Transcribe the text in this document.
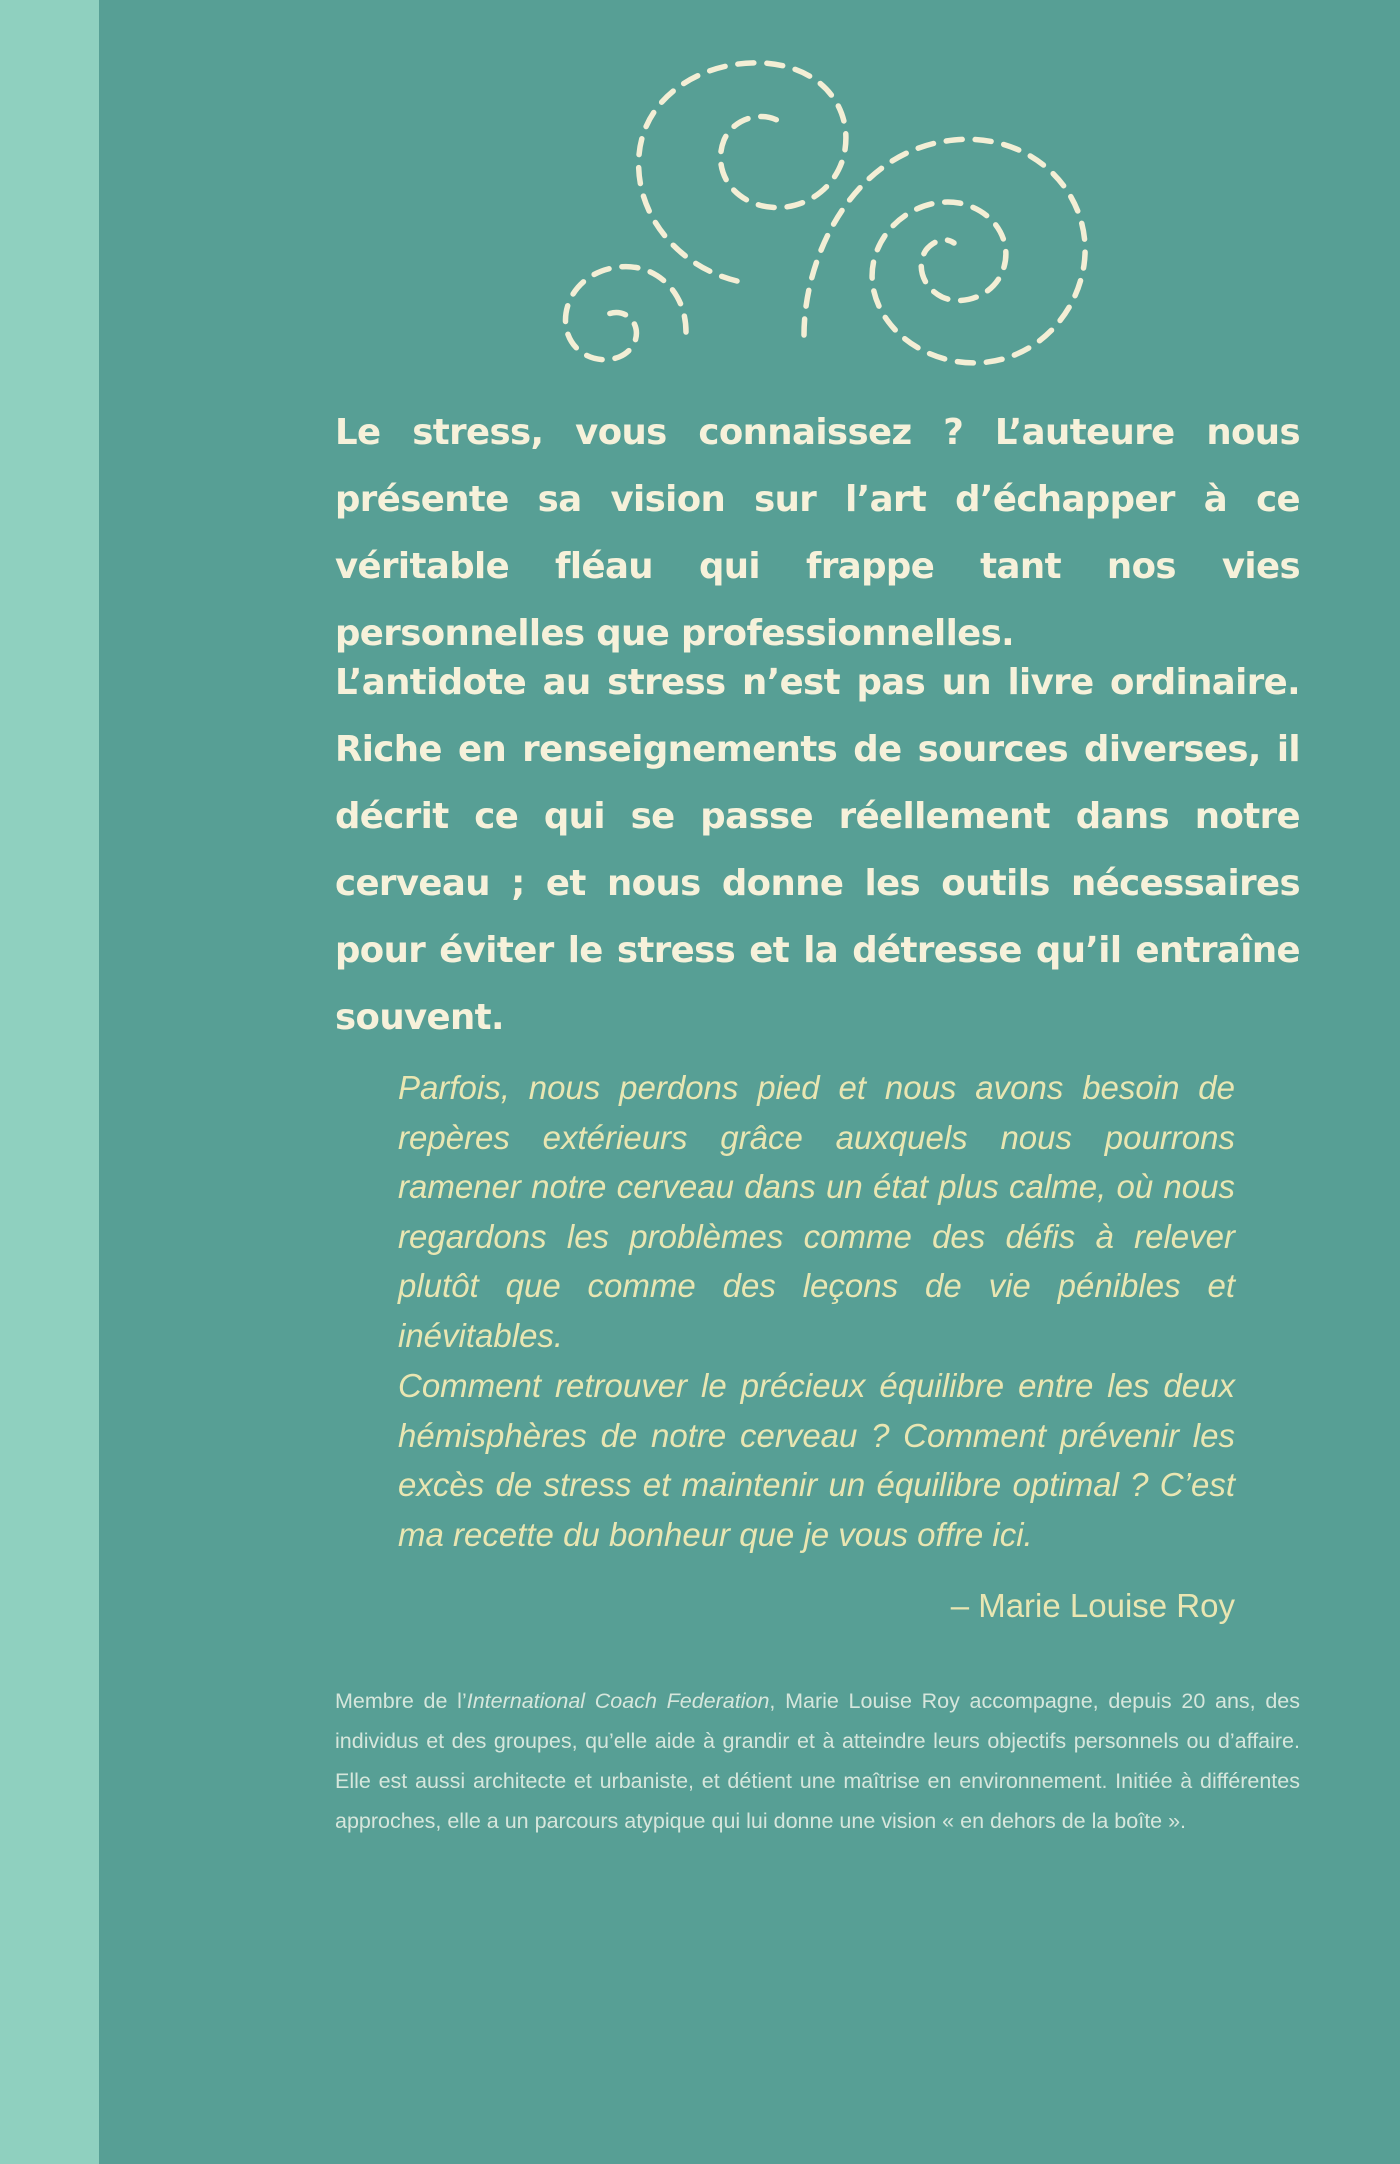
Le stress, vous connaissez ? L’auteure nous présente sa vision sur l’art d’échapper à ce véritable fléau qui frappe tant nos vies personnelles que professionnelles.

L’antidote au stress n’est pas un livre ordinaire. Riche en renseignements de sources diverses, il décrit ce qui se passe réellement dans notre cerveau ; et nous donne les outils nécessaires pour éviter le stress et la détresse qu’il entraîne souvent.

Parfois, nous perdons pied et nous avons besoin de repères extérieurs grâce auxquels nous pourrons ramener notre cerveau dans un état plus calme, où nous regardons les problèmes comme des défis à relever plutôt que comme des leçons de vie pénibles et inévitables.

Comment retrouver le précieux équilibre entre les deux hémisphères de notre cerveau ? Comment prévenir les excès de stress et maintenir un équilibre optimal ? C’est ma recette du bonheur que je vous offre ici.

– Marie Louise Roy

Membre de l’International Coach Federation, Marie Louise Roy accompagne, depuis 20 ans, des individus et des groupes, qu’elle aide à grandir et à atteindre leurs objectifs personnels ou d’affaire. Elle est aussi architecte et urbaniste, et détient une maîtrise en environnement. Initiée à différentes approches, elle a un parcours atypique qui lui donne une vision « en dehors de la boîte ».
